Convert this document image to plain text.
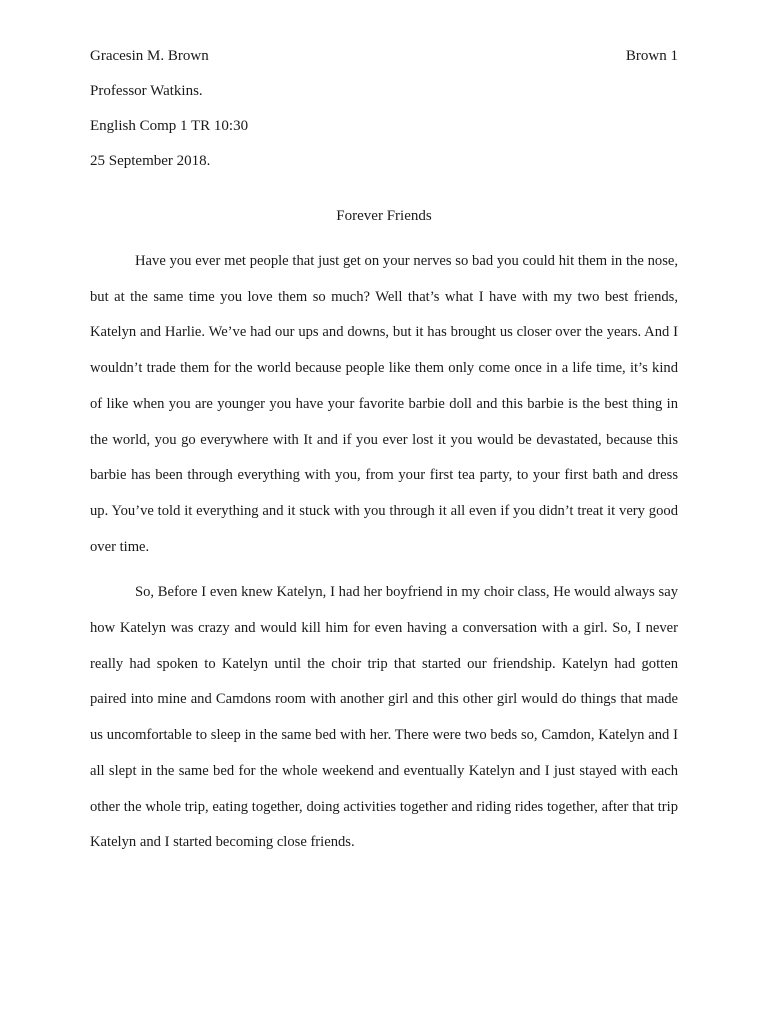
Brown 1
Gracesin M. Brown
Professor Watkins.
English Comp 1 TR 10:30
25 September 2018.
Forever Friends

Have you ever met people that just get on your nerves so bad you could hit them in the nose, but at the same time you love them so much? Well that’s what I have with my two best friends, Katelyn and Harlie. We’ve had our ups and downs, but it has brought us closer over the years. And I wouldn’t trade them for the world because people like them only come once in a life time, it’s kind of like when you are younger you have your favorite barbie doll and this barbie is the best thing in the world, you go everywhere with It and if you ever lost it you would be devastated, because this barbie has been through everything with you, from your first tea party, to your first bath and dress up. You’ve told it everything and it stuck with you through it all even if you didn’t treat it very good over time.

So, Before I even knew Katelyn, I had her boyfriend in my choir class, He would always say how Katelyn was crazy and would kill him for even having a conversation with a girl. So, I never really had spoken to Katelyn until the choir trip that started our friendship. Katelyn had gotten paired into mine and Camdons room with another girl and this other girl would do things that made us uncomfortable to sleep in the same bed with her. There were two beds so, Camdon, Katelyn and I all slept in the same bed for the whole weekend and eventually Katelyn and I just stayed with each other the whole trip, eating together, doing activities together and riding rides together, after that trip Katelyn and I started becoming close friends.
